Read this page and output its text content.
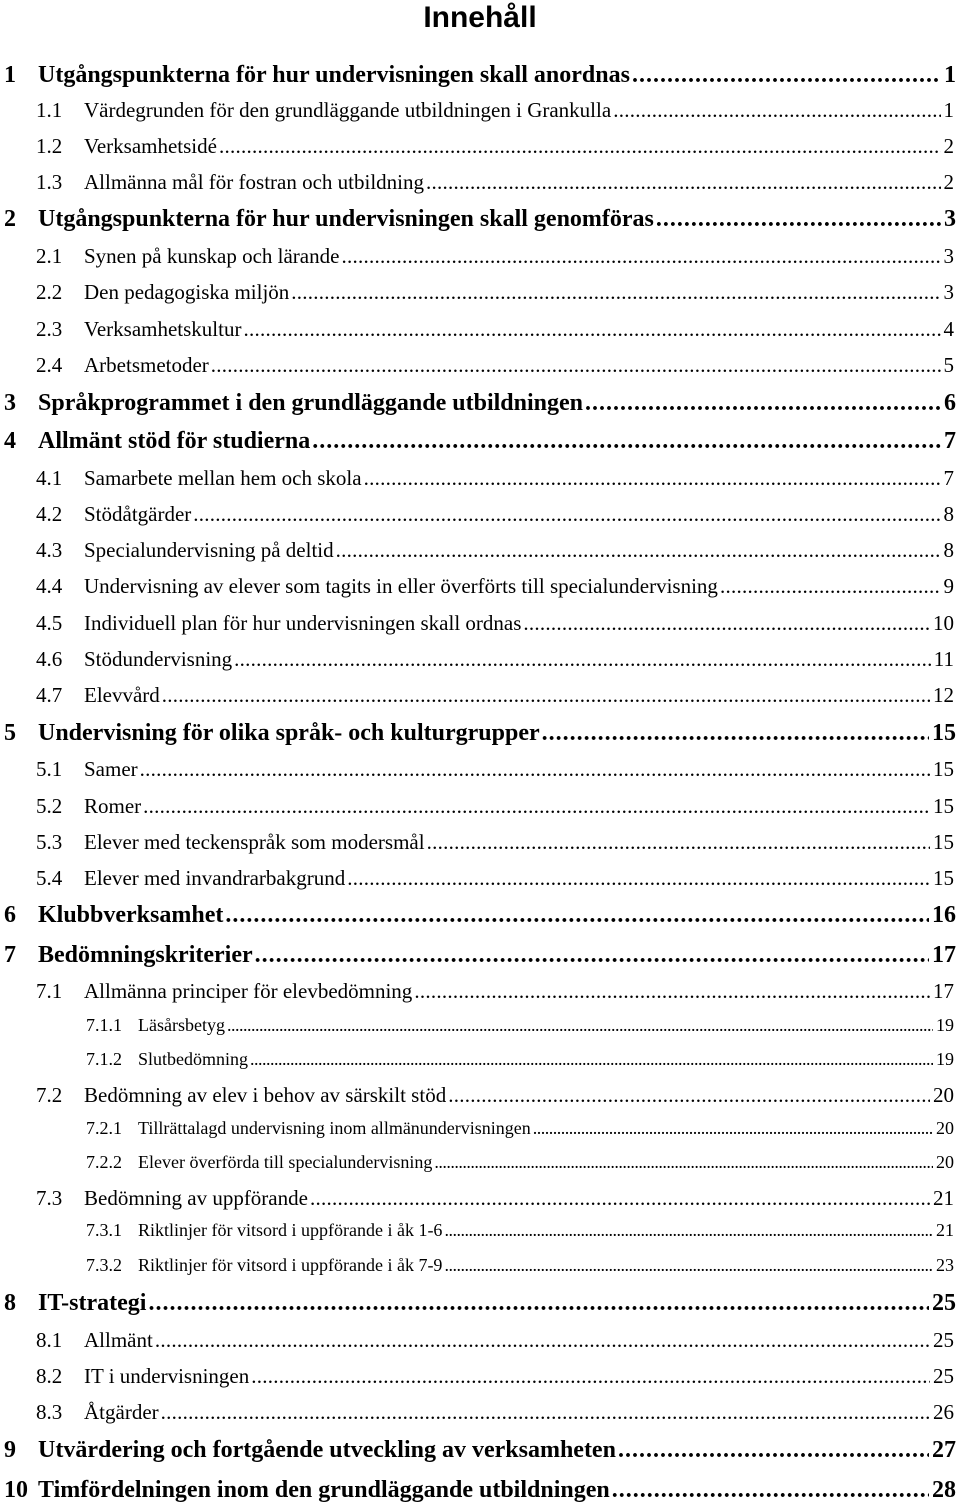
Innehåll
1 Utgångspunkterna för hur undervisningen skall anordnas . . .	1
1.1	Värdegrunden för den grundläggande utbildningen i Grankulla . . .	1
1.2	Verksamhetsidé . . .	2
1.3	Allmänna mål för fostran och utbildning . . .	2
2 Utgångspunkterna för hur undervisningen skall genomföras . . .	3
2.1	Synen på kunskap och lärande . . .	3
2.2	Den pedagogiska miljön . . .	3
2.3	Verksamhetskultur . . .	4
2.4	Arbetsmetoder . . .	5
3 Språkprogrammet i den grundläggande utbildningen . . .	6
4 Allmänt stöd för studierna . . .	7
4.1	Samarbete mellan hem och skola . . .	7
4.2	Stödåtgärder . . .	8
4.3	Specialundervisning på deltid . . .	8
4.4	Undervisning av elever som tagits in eller överförts till specialundervisning . . .	9
4.5	Individuell plan för hur undervisningen skall ordnas . . .	10
4.6	Stödundervisning . . .	11
4.7	Elevvård . . .	12
5 Undervisning för olika språk- och kulturgrupper . . .	15
5.1	Samer . . .	15
5.2	Romer . . .	15
5.3	Elever med teckenspråk som modersmål . . .	15
5.4	Elever med invandrarbakgrund . . .	15
6 Klubbverksamhet . . .	16
7 Bedömningskriterier . . .	17
7.1	Allmänna principer för elevbedömning . . .	17
7.1.1 Läsårsbetyg . . .	19
7.1.2 Slutbedömning . . .	19
7.2	Bedömning av elev i behov av särskilt stöd . . .	20
7.2.1 Tillrättalagd undervisning inom allmänundervisningen . . .	20
7.2.2 Elever överförda till specialundervisning . . .	20
7.3	Bedömning av uppförande . . .	21
7.3.1 Riktlinjer för vitsord i uppförande i åk 1-6 . . .	21
7.3.2 Riktlinjer för vitsord i uppförande i åk 7-9 . . .	23
8 IT-strategi . . .	25
8.1	Allmänt . . .	25
8.2	IT i undervisningen . . .	25
8.3	Åtgärder . . .	26
9 Utvärdering och fortgående utveckling av verksamheten . . .	27
10 Timfördelningen inom den grundläggande utbildningen . . .	28
